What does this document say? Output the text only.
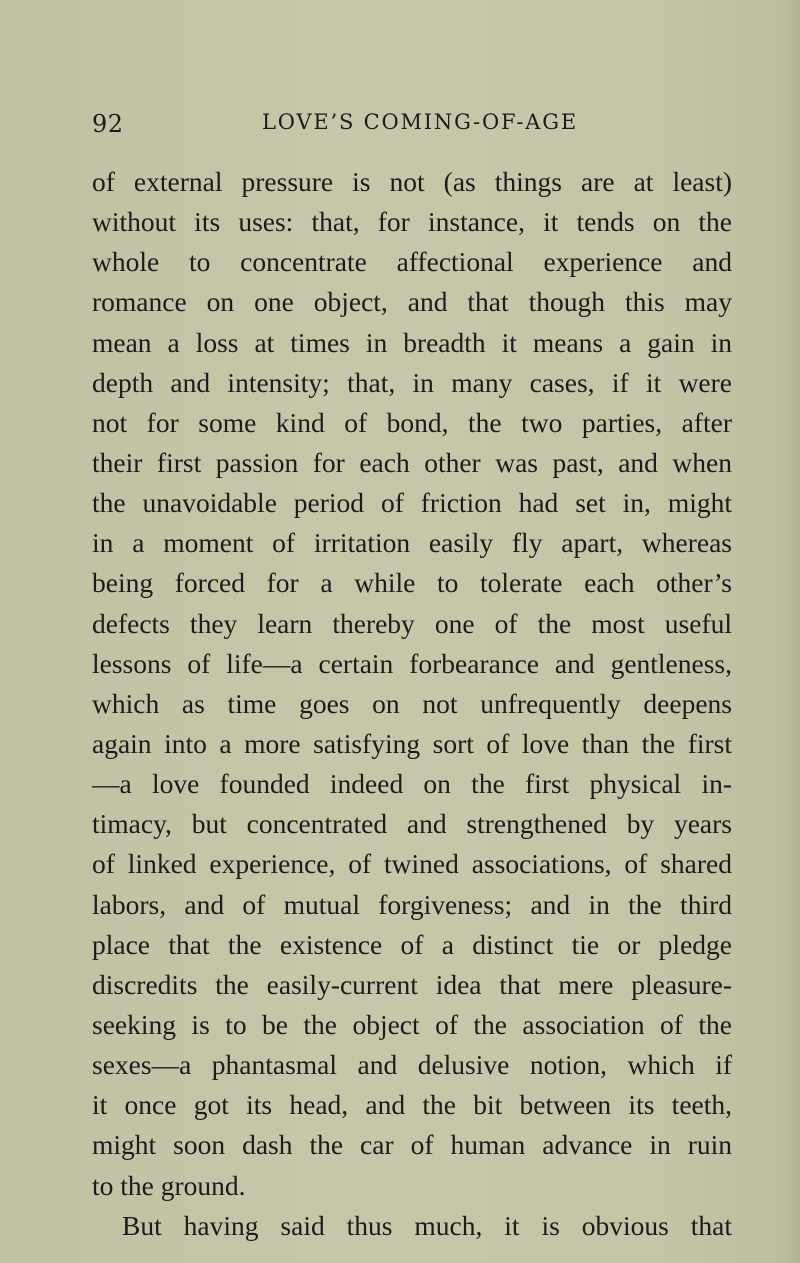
92	LOVE’S COMING-OF-AGE
of external pressure is not (as things are at least)
without its uses: that, for instance, it tends on the
whole to concentrate affectional experience and
romance on one object, and that though this may
mean a loss at times in breadth it means a gain in
depth and intensity; that, in many cases, if it were
not for some kind of bond, the two parties, after
their first passion for each other was past, and when
the unavoidable period of friction had set in, might
in a moment of irritation easily fly apart, whereas
being forced for a while to tolerate each other’s
defects they learn thereby one of the most useful
lessons of life—a certain forbearance and gentleness,
which as time goes on not unfrequently deepens
again into a more satisfying sort of love than the first
—a love founded indeed on the first physical in-
timacy, but concentrated and strengthened by years
of linked experience, of twined associations, of shared
labors, and of mutual forgiveness; and in the third
place that the existence of a distinct tie or pledge
discredits the easily-current idea that mere pleasure-
seeking is to be the object of the association of the
sexes—a phantasmal and delusive notion, which if
it once got its head, and the bit between its teeth,
might soon dash the car of human advance in ruin
to the ground.
But having said thus much, it is obvious that
